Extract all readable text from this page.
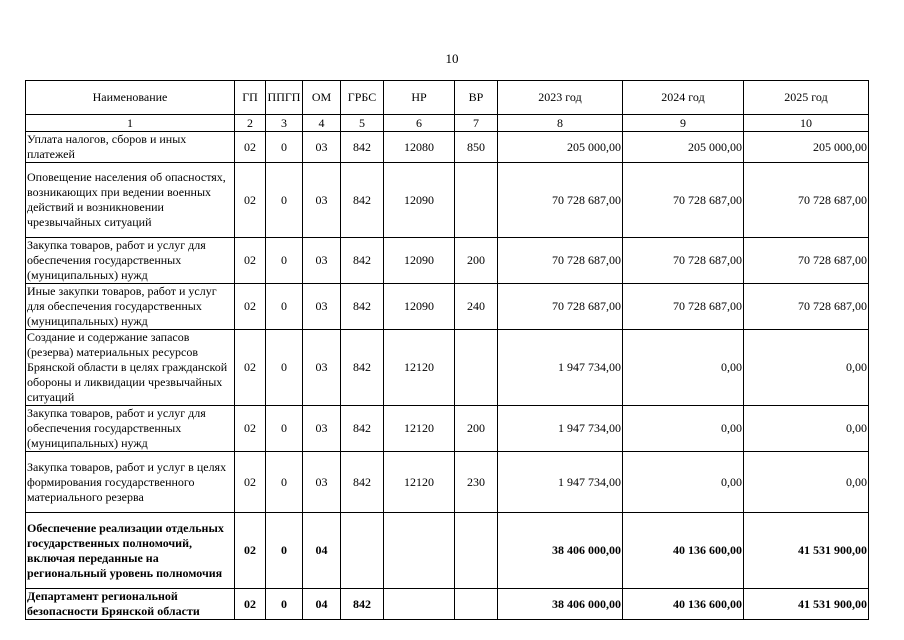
10
Наименование	ГП	ППГП	ОМ	ГРБС	НР	ВР	2023 год	2024 год	2025 год
1	2	3	4	5	6	7	8	9	10
Уплата налогов, сборов и иных платежей	02	0	03	842	12080	850	205 000,00	205 000,00	205 000,00
Оповещение населения об опасностях, возникающих при ведении военных действий и возникновении чрезвычайных ситуаций	02	0	03	842	12090		70 728 687,00	70 728 687,00	70 728 687,00
Закупка товаров, работ и услуг для обеспечения государственных (муниципальных) нужд	02	0	03	842	12090	200	70 728 687,00	70 728 687,00	70 728 687,00
Иные закупки товаров, работ и услуг для обеспечения государственных (муниципальных) нужд	02	0	03	842	12090	240	70 728 687,00	70 728 687,00	70 728 687,00
Создание и содержание запасов (резерва) материальных ресурсов Брянской области в целях гражданской обороны и ликвидации чрезвычайных ситуаций	02	0	03	842	12120		1 947 734,00	0,00	0,00
Закупка товаров, работ и услуг для обеспечения государственных (муниципальных) нужд	02	0	03	842	12120	200	1 947 734,00	0,00	0,00
Закупка товаров, работ и услуг в целях формирования государственного материального резерва	02	0	03	842	12120	230	1 947 734,00	0,00	0,00
Обеспечение реализации отдельных государственных полномочий, включая переданные на региональный уровень полномочия	02	0	04				38 406 000,00	40 136 600,00	41 531 900,00
Департамент региональной безопасности Брянской области	02	0	04	842			38 406 000,00	40 136 600,00	41 531 900,00
